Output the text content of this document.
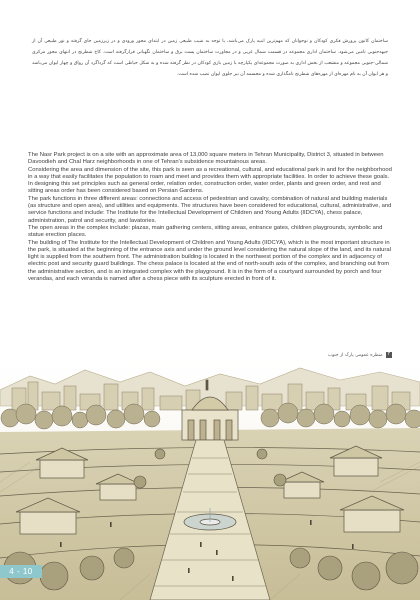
ساختمان کانون پرورش فکری کودکان و نوجوانان که مهم‌ترین ابنیه پارک می‌باشد، با توجه به شیب طبیعی زمین در ابتدای محور ورودی و در زیرزمین جای گرفته و نور طبیعی آن از جبهه‌جنوبی تامین می‌شود. ساختمان اداری مجموعه در قسمت شمال غربی و در مجاورت ساختمان پست برق و ساختمان نگهبانی قرارگرفته است. کاخ شطرنج در انتهای محور مرکزی شمالی-جنوبی مجموعه و منشعب از بخش اداری به صورت مجموعه‌ای یکپارچه با زمین بازی کودکان در نظر گرفته شده و به شکل حیاطی است که گرداگرد آن رواق و چهار ایوان می‌باشد و هر ایوان آن به نام مهره‌ای از مهره‌های شطرنج نامگذاری شده و مجسمه آن نیز جلوی ایوان نصب شده است.

The Nasr Park project is on a site with an approximate area of 13,000 square meters in Tehran Municipality, District 3, situated in between Davoodieh and Chal Harz neighborhoods in one of Tehran's subsidence mountainous areas.

Considering the area and dimension of the site, this park is seen as a recreational, cultural, and educational park in and for the neighborhood in a way that easily facilitates the population to roam and meet and provides them with appropriate facilities. In order to achieve these goals. In designing this set principles such as general order, relation order, construction order, water order, plants and green order, and rest and sitting areas order has been considered based on Persian Gardens.

The park functions in three different areas: connections and access of pedestrian and cavalry, combination of natural and building materials (as structure and open area), and utilities and equipments. The structures have been considered for educational, cultural, administrative, and service functions and include: The Institute for the Intellectual Development of Children and Young Adults (IIDCYA), chess palace, administration, patrol and security, and lavatories.

The open areas in the complex include: plazas, main gathering centers, sitting areas, entrance gates, children playgrounds, symbolic and statue erection places.

The building of The Institute for the Intellectual Development of Children and Young Adults (IIDCYA), which is the most important structure in the park, is situated at the beginning of the entrance axis and under the ground level considering the natural slope of the land, and its natural light is supplied from the southern front. The administration building is located in the northwest portion of the complex and in adjacency of electric post and security guard buildings. The chess palace is located at the end of north-south axis of the complex, and branching out from the administrative section, and is an integrated complex with the playground. It is in the form of a courtyard surrounded by porch and four verandas, and each veranda is named after a chess piece with its sculpture erected in front of it.

۳
منظره عمومی پارک از جنوب
4 - 10
